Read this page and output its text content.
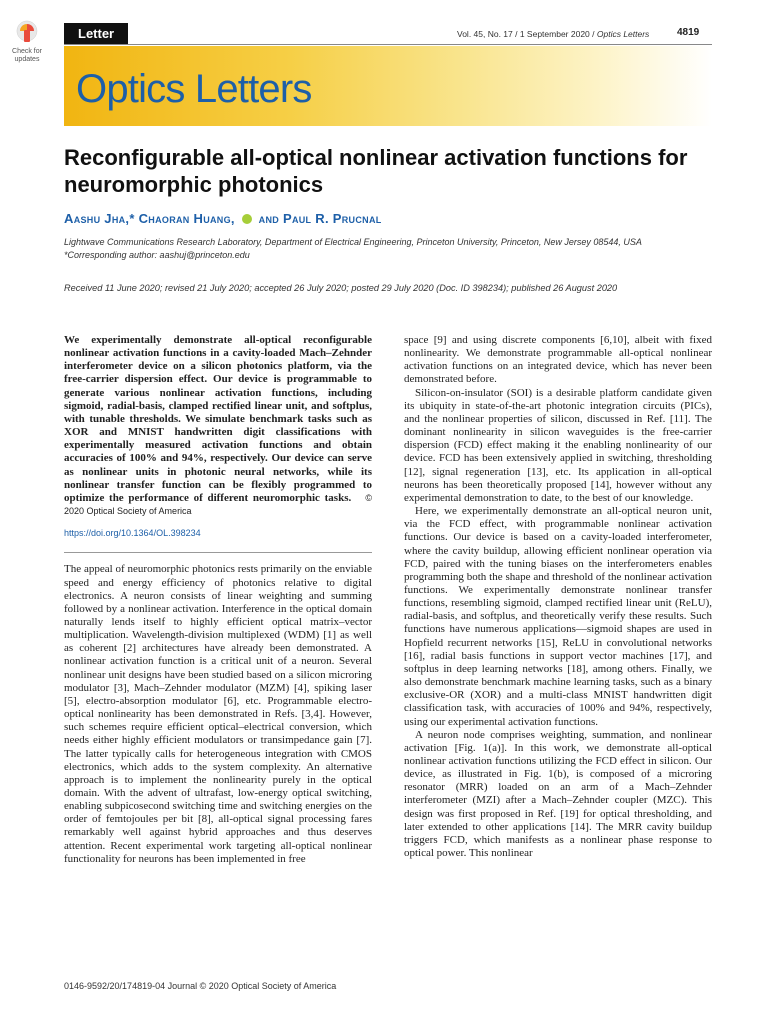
Check for updates
Letter	Vol. 45, No. 17 / 1 September 2020 / Optics Letters	4819
Optics Letters
Reconfigurable all-optical nonlinear activation functions for neuromorphic photonics
Aashu Jha,* Chaoran Huang, and Paul R. Prucnal
Lightwave Communications Research Laboratory, Department of Electrical Engineering, Princeton University, Princeton, New Jersey 08544, USA
*Corresponding author: aashuj@princeton.edu
Received 11 June 2020; revised 21 July 2020; accepted 26 July 2020; posted 29 July 2020 (Doc. ID 398234); published 26 August 2020

We experimentally demonstrate all-optical reconfigurable nonlinear activation functions in a cavity-loaded Mach–Zehnder interferometer device on a silicon photonics platform, via the free-carrier dispersion effect. Our device is programmable to generate various nonlinear activation functions, including sigmoid, radial-basis, clamped rectified linear unit, and softplus, with tunable thresholds. We simulate benchmark tasks such as XOR and MNIST handwritten digit classifications with experimentally measured activation functions and obtain accuracies of 100% and 94%, respectively. Our device can serve as nonlinear units in photonic neural networks, while its nonlinear transfer function can be flexibly programmed to optimize the performance of different neuromorphic tasks. © 2020 Optical Society of America

https://doi.org/10.1364/OL.398234

The appeal of neuromorphic photonics rests primarily on the enviable speed and energy efficiency of photonics relative to digital electronics. A neuron consists of linear weighting and summing followed by a nonlinear activation. Interference in the optical domain naturally lends itself to highly efficient optical matrix–vector multiplication. Wavelength-division multiplexed (WDM) [1] as well as coherent [2] architectures have already been demonstrated. A nonlinear activation function is a critical unit of a neuron. Several nonlinear unit designs have been studied based on a silicon microring modulator [3], Mach–Zehnder modulator (MZM) [4], spiking laser [5], electro-absorption modulator [6], etc. Programmable electro-optical nonlinearity has been demonstrated in Refs. [3,4]. However, such schemes require efficient optical–electrical conversion, which needs either highly efficient modulators or transimpedance gain [7]. The latter typically calls for heterogeneous integration with CMOS electronics, which adds to the system complexity. An alternative approach is to implement the nonlinearity purely in the optical domain. With the advent of ultrafast, low-energy optical switching, enabling subpicosecond switching time and switching energies on the order of femtojoules per bit [8], all-optical signal processing fares remarkably well against hybrid approaches and thus deserves attention. Recent experimental work targeting all-optical nonlinear functionality for neurons has been implemented in free

space [9] and using discrete components [6,10], albeit with fixed nonlinearity. We demonstrate programmable all-optical nonlinear activation functions on an integrated device, which has never been demonstrated before.

Silicon-on-insulator (SOI) is a desirable platform candidate given its ubiquity in state-of-the-art photonic integration circuits (PICs), and the nonlinear properties of silicon, discussed in Ref. [11]. The dominant nonlinearity in silicon waveguides is the free-carrier dispersion (FCD) effect making it the enabling nonlinearity of our device. FCD has been extensively applied in switching, thresholding [12], signal regeneration [13], etc. Its application in all-optical neurons has been theoretically proposed [14], however without any experimental demonstration to date, to the best of our knowledge.

Here, we experimentally demonstrate an all-optical neuron unit, via the FCD effect, with programmable nonlinear activation functions. Our device is based on a cavity-loaded interferometer, where the cavity buildup, allowing efficient nonlinear operation via FCD, paired with the tuning biases on the interferometers enables programming both the shape and threshold of the nonlinear activation functions. We experimentally demonstrate nonlinear transfer functions, resembling sigmoid, clamped rectified linear unit (ReLU), radial-basis, and softplus, and theoretically verify these results. Such functions have numerous applications—sigmoid shapes are used in Hopfield recurrent networks [15], ReLU in convolutional networks [16], radial basis functions in support vector machines [17], and softplus in deep learning networks [18], among others. Finally, we also demonstrate benchmark machine learning tasks, such as a binary exclusive-OR (XOR) and a multi-class MNIST handwritten digit classification task, with accuracies of 100% and 94%, respectively, using our experimental activation functions.

A neuron node comprises weighting, summation, and nonlinear activation [Fig. 1(a)]. In this work, we demonstrate all-optical nonlinear activation functions utilizing the FCD effect in silicon. Our device, as illustrated in Fig. 1(b), is composed of a microring resonator (MRR) loaded on an arm of a Mach–Zehnder interferometer (MZI) after a Mach–Zehnder coupler (MZC). This design was first proposed in Ref. [19] for optical thresholding, and later extended to other applications [14]. The MRR cavity buildup triggers FCD, which manifests as a nonlinear phase response to optical power. This nonlinear

0146-9592/20/174819-04 Journal © 2020 Optical Society of America
